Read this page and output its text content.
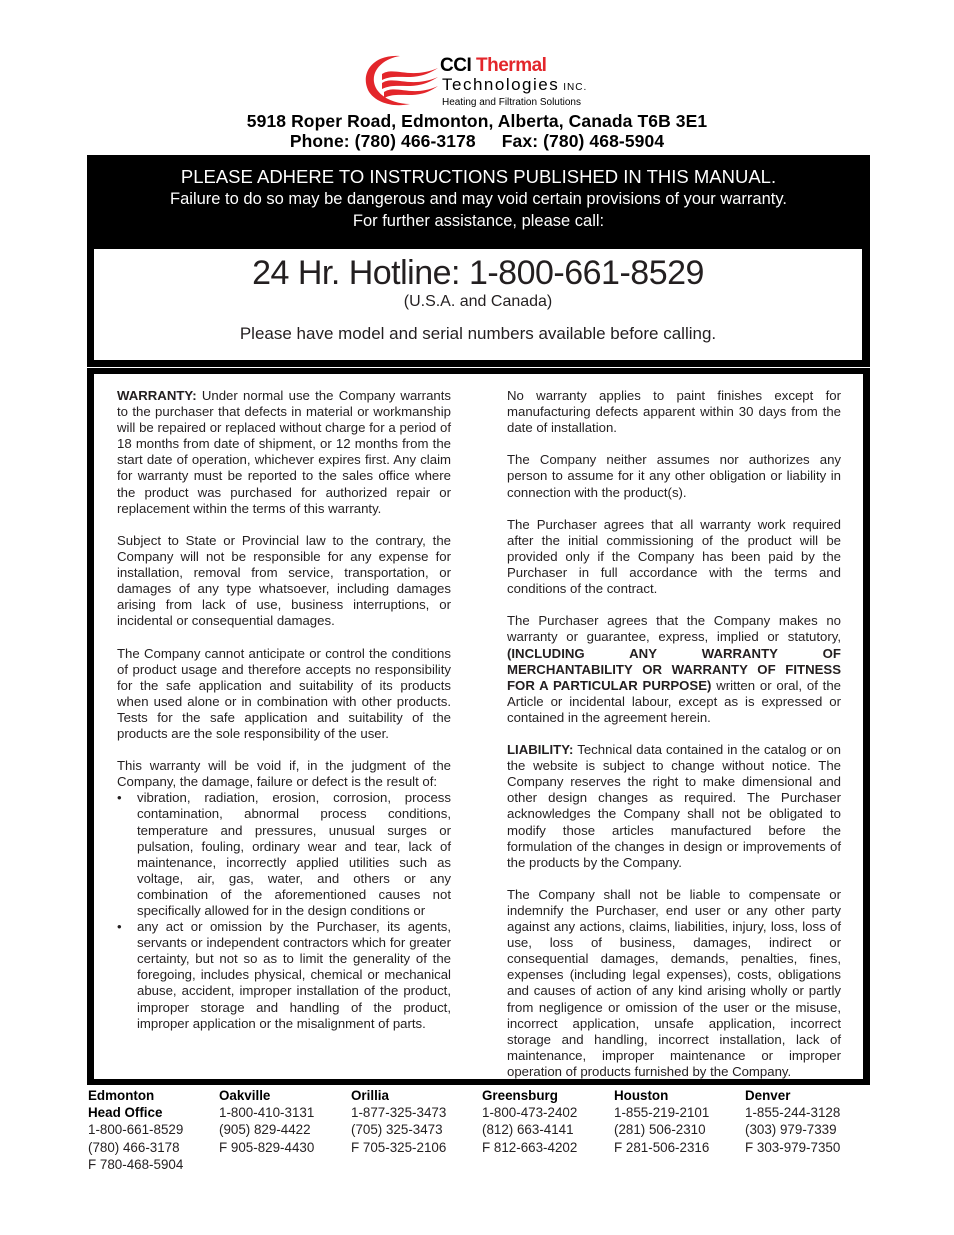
CCI Thermal
Technologies INC.
Heating and Filtration Solutions
5918 Roper Road, Edmonton, Alberta, Canada T6B 3E1
Phone: (780) 466-3178 Fax: (780) 468-5904
PLEASE ADHERE TO INSTRUCTIONS PUBLISHED IN THIS MANUAL.
Failure to do so may be dangerous and may void certain provisions of your warranty.
For further assistance, please call:
24 Hr. Hotline: 1-800-661-8529
(U.S.A. and Canada)
Please have model and serial numbers available before calling.

WARRANTY: Under normal use the Company warrants to the purchaser that defects in material or workmanship will be repaired or replaced without charge for a period of 18 months from date of shipment, or 12 months from the start date of operation, whichever expires first. Any claim for warranty must be reported to the sales office where the product was purchased for authorized repair or replacement within the terms of this warranty.

Subject to State or Provincial law to the contrary, the Company will not be responsible for any expense for installation, removal from service, transportation, or damages of any type whatsoever, including damages arising from lack of use, business interruptions, or incidental or consequential damages.

The Company cannot anticipate or control the conditions of product usage and therefore accepts no responsibility for the safe application and suitability of its products when used alone or in combination with other products. Tests for the safe application and suitability of the products are the sole responsibility of the user.

This warranty will be void if, in the judgment of the Company, the damage, failure or defect is the result of:

• vibration, radiation, erosion, corrosion, process contamination, abnormal process conditions, temperature and pressures, unusual surges or pulsation, fouling, ordinary wear and tear, lack of maintenance, incorrectly applied utilities such as voltage, air, gas, water, and others or any combination of the aforementioned causes not specifically allowed for in the design conditions or
• any act or omission by the Purchaser, its agents, servants or independent contractors which for greater certainty, but not so as to limit the generality of the foregoing, includes physical, chemical or mechanical abuse, accident, improper installation of the product, improper storage and handling of the product, improper application or the misalignment of parts.

No warranty applies to paint finishes except for manufacturing defects apparent within 30 days from the date of installation.

The Company neither assumes nor authorizes any person to assume for it any other obligation or liability in connection with the product(s).

The Purchaser agrees that all warranty work required after the initial commissioning of the product will be provided only if the Company has been paid by the Purchaser in full accordance with the terms and conditions of the contract.

The Purchaser agrees that the Company makes no warranty or guarantee, express, implied or statutory, (INCLUDING ANY WARRANTY OF MERCHANTABILITY OR WARRANTY OF FITNESS FOR A PARTICULAR PURPOSE) written or oral, of the Article or incidental labour, except as is expressed or contained in the agreement herein.

LIABILITY: Technical data contained in the catalog or on the website is subject to change without notice. The Company reserves the right to make dimensional and other design changes as required. The Purchaser acknowledges the Company shall not be obligated to modify those articles manufactured before the formulation of the changes in design or improvements of the products by the Company.

The Company shall not be liable to compensate or indemnify the Purchaser, end user or any other party against any actions, claims, liabilities, injury, loss, loss of use, loss of business, damages, indirect or consequential damages, demands, penalties, fines, expenses (including legal expenses), costs, obligations and causes of action of any kind arising wholly or partly from negligence or omission of the user or the misuse, incorrect application, unsafe application, incorrect storage and handling, incorrect installation, lack of maintenance, improper maintenance or improper operation of products furnished by the Company.

Edmonton
Head Office
1-800-661-8529
(780) 466-3178
F 780-468-5904
Oakville
1-800-410-3131
(905) 829-4422
F 905-829-4430
Orillia
1-877-325-3473
(705) 325-3473
F 705-325-2106
Greensburg
1-800-473-2402
(812) 663-4141
F 812-663-4202
Houston
1-855-219-2101
(281) 506-2310
F 281-506-2316
Denver
1-855-244-3128
(303) 979-7339
F 303-979-7350
